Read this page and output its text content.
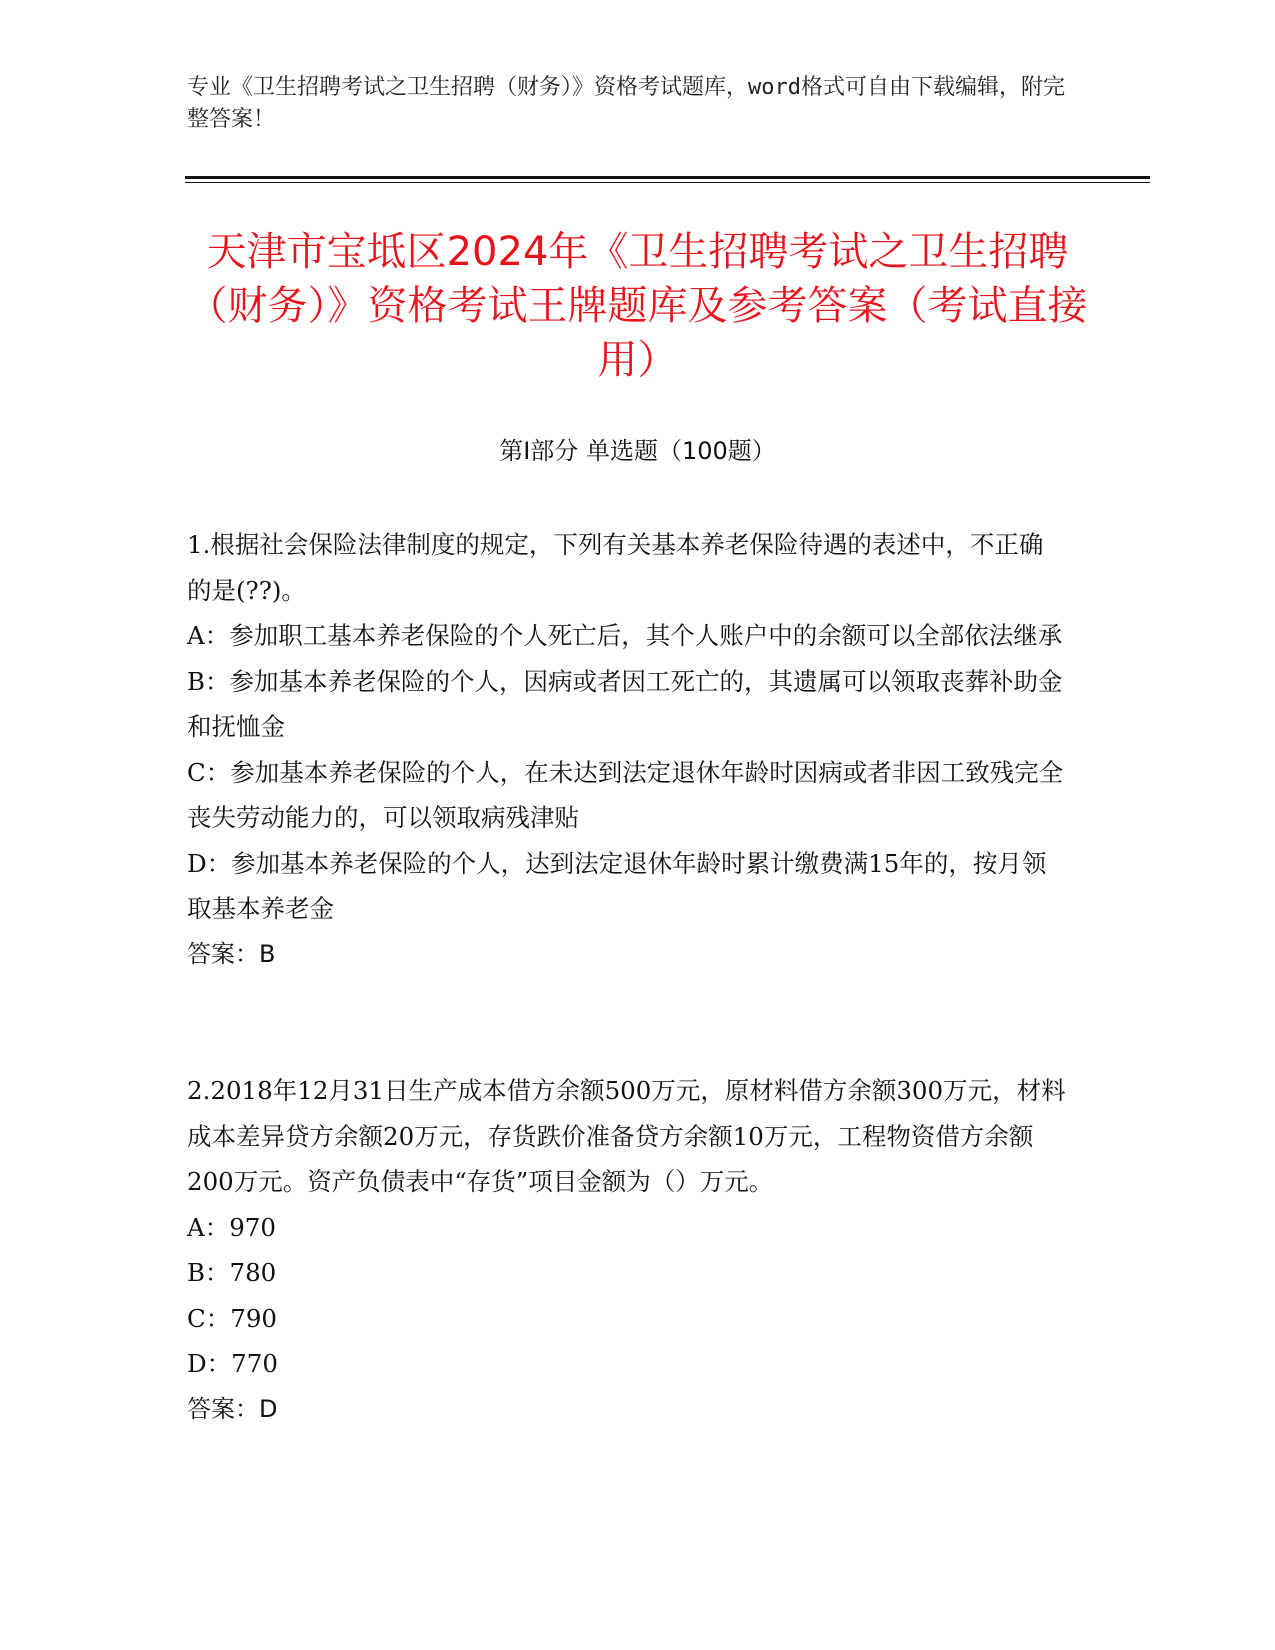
专业《卫生招聘考试之卫生招聘（财务）》资格考试题库，word格式可自由下载编辑，附完整答案！
天津市宝坻区2024年《卫生招聘考试之卫生招聘（财务）》资格考试王牌题库及参考答案（考试直接用）
第I部分 单选题（100题）

1.根据社会保险法律制度的规定，下列有关基本养老保险待遇的表述中，不正确的是(??)。

A：参加职工基本养老保险的个人死亡后，其个人账户中的余额可以全部依法继承

B：参加基本养老保险的个人，因病或者因工死亡的，其遗属可以领取丧葬补助金和抚恤金

C：参加基本养老保险的个人，在未达到法定退休年龄时因病或者非因工致残完全丧失劳动能力的，可以领取病残津贴

D：参加基本养老保险的个人，达到法定退休年龄时累计缴费满15年的，按月领取基本养老金

答案：B

2.2018年12月31日生产成本借方余额500万元，原材料借方余额300万元，材料成本差异贷方余额20万元，存货跌价准备贷方余额10万元，工程物资借方余额200万元。资产负债表中“存货”项目金额为（）万元。

A：970

B：780

C：790

D：770

答案：D
